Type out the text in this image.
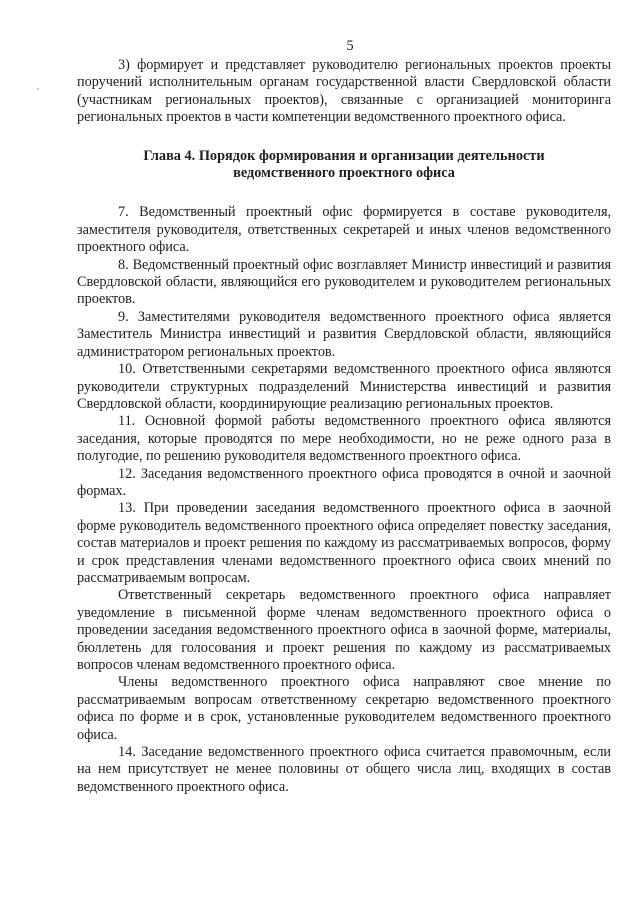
5

3) формирует и представляет руководителю региональных проектов проекты поручений исполнительным органам государственной власти Свердловской области (участникам региональных проектов), связанные с организацией мониторинга региональных проектов в части компетенции ведомственного проектного офиса.

Глава 4. Порядок формирования и организации деятельности
ведомственного проектного офиса

7. Ведомственный проектный офис формируется в составе руководителя, заместителя руководителя, ответственных секретарей и иных членов ведомственного проектного офиса.

8. Ведомственный проектный офис возглавляет Министр инвестиций и развития Свердловской области, являющийся его руководителем и руководителем региональных проектов.

9. Заместителями руководителя ведомственного проектного офиса является Заместитель Министра инвестиций и развития Свердловской области, являющийся администратором региональных проектов.

10. Ответственными секретарями ведомственного проектного офиса являются руководители структурных подразделений Министерства инвестиций и развития Свердловской области, координирующие реализацию региональных проектов.

11. Основной формой работы ведомственного проектного офиса являются заседания, которые проводятся по мере необходимости, но не реже одного раза в полугодие, по решению руководителя ведомственного проектного офиса.

12. Заседания ведомственного проектного офиса проводятся в очной и заочной формах.

13. При проведении заседания ведомственного проектного офиса в заочной форме руководитель ведомственного проектного офиса определяет повестку заседания, состав материалов и проект решения по каждому из рассматриваемых вопросов, форму и срок представления членами ведомственного проектного офиса своих мнений по рассматриваемым вопросам.

Ответственный секретарь ведомственного проектного офиса направляет уведомление в письменной форме членам ведомственного проектного офиса о проведении заседания ведомственного проектного офиса в заочной форме, материалы, бюллетень для голосования и проект решения по каждому из рассматриваемых вопросов членам ведомственного проектного офиса.

Члены ведомственного проектного офиса направляют свое мнение по рассматриваемым вопросам ответственному секретарю ведомственного проектного офиса по форме и в срок, установленные руководителем ведомственного проектного офиса.

14. Заседание ведомственного проектного офиса считается правомочным, если на нем присутствует не менее половины от общего числа лиц, входящих в состав ведомственного проектного офиса.
